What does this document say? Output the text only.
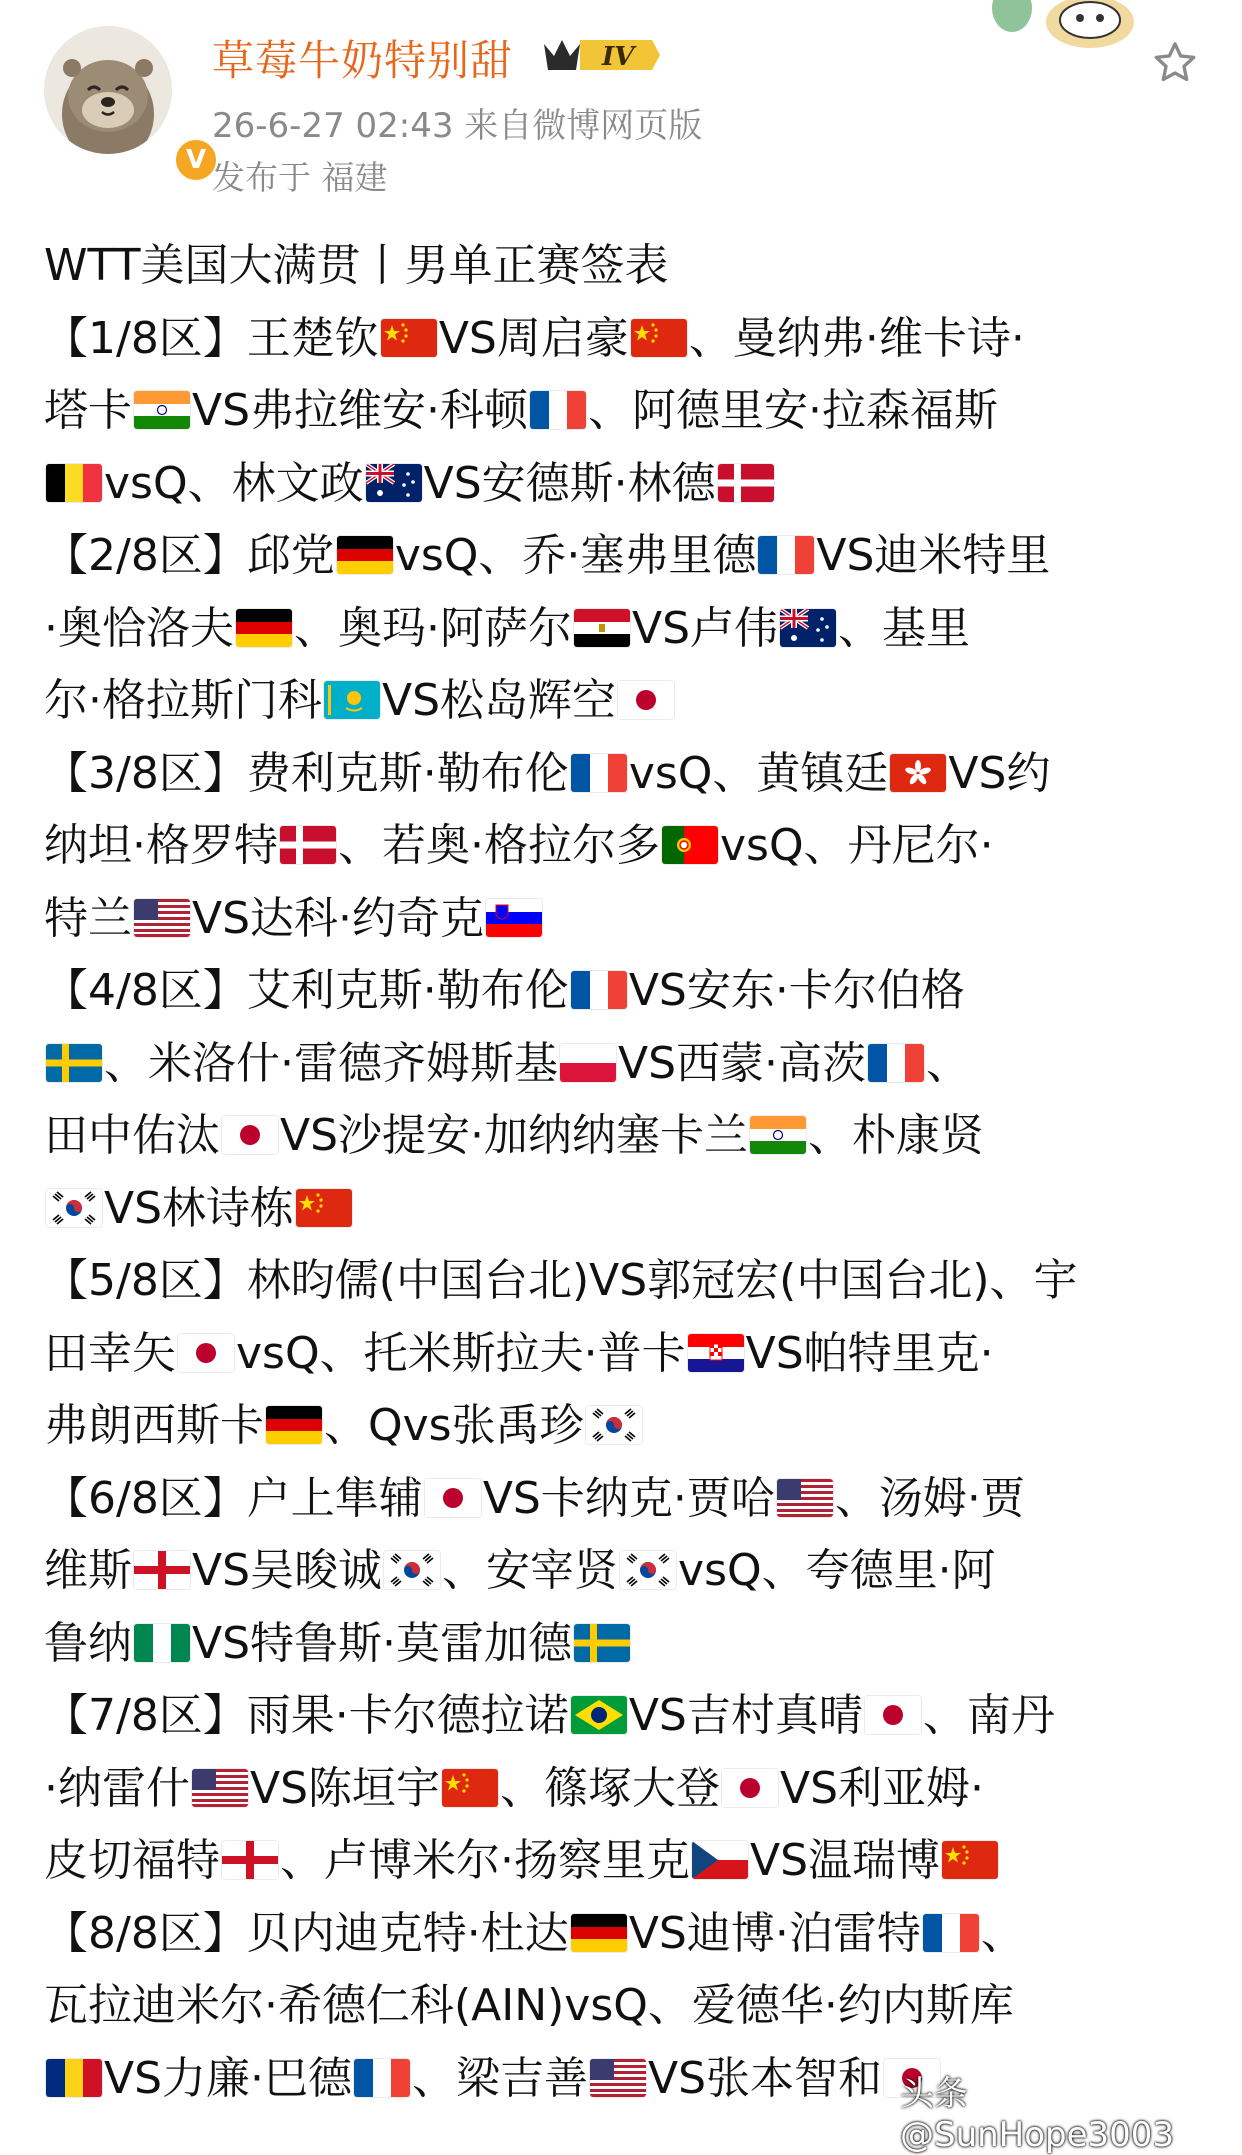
V
草莓牛奶特别甜	IV
26-6-27 02:43 来自微博网页版
发布于 福建
WTT美国大满贯丨男单正赛签表
【1/8区】王楚钦 VS周启豪 、曼纳弗·维卡诗·
塔卡 VS弗拉维安·科顿 、阿德里安·拉森福斯
vsQ、林文政 VS安德斯·林德
【2/8区】邱党 vsQ、乔·塞弗里德 VS迪米特里
·奥恰洛夫 、奥玛·阿萨尔 VS卢伟 、基里
尔·格拉斯门科 VS松岛辉空
【3/8区】费利克斯·勒布伦 vsQ、黄镇廷 VS约
纳坦·格罗特 、若奥·格拉尔多 vsQ、丹尼尔·
特兰 VS达科·约奇克
【4/8区】艾利克斯·勒布伦 VS安东·卡尔伯格
、米洛什·雷德齐姆斯基 VS西蒙·高茨 、
田中佑汰 VS沙提安·加纳纳塞卡兰 、朴康贤
VS林诗栋
【5/8区】林昀儒(中国台北)VS郭冠宏(中国台北)、宇
田幸矢 vsQ、托米斯拉夫·普卡 VS帕特里克·
弗朗西斯卡 、Qvs张禹珍
【6/8区】户上隼辅 VS卡纳克·贾哈 、汤姆·贾
维斯 VS吴晙诚 、安宰贤 vsQ、夸德里·阿
鲁纳 VS特鲁斯·莫雷加德
【7/8区】雨果·卡尔德拉诺 VS吉村真晴 、南丹
·纳雷什 VS陈垣宇 、篠塚大登 VS利亚姆·
皮切福特 、卢博米尔·扬察里克 VS温瑞博
【8/8区】贝内迪克特·杜达 VS迪博·泊雷特 、
瓦拉迪米尔·希德仁科(AIN)vsQ、爱德华·约内斯库
VS力廉·巴德 、梁吉善 VS张本智和 头条 @SunHope3003
